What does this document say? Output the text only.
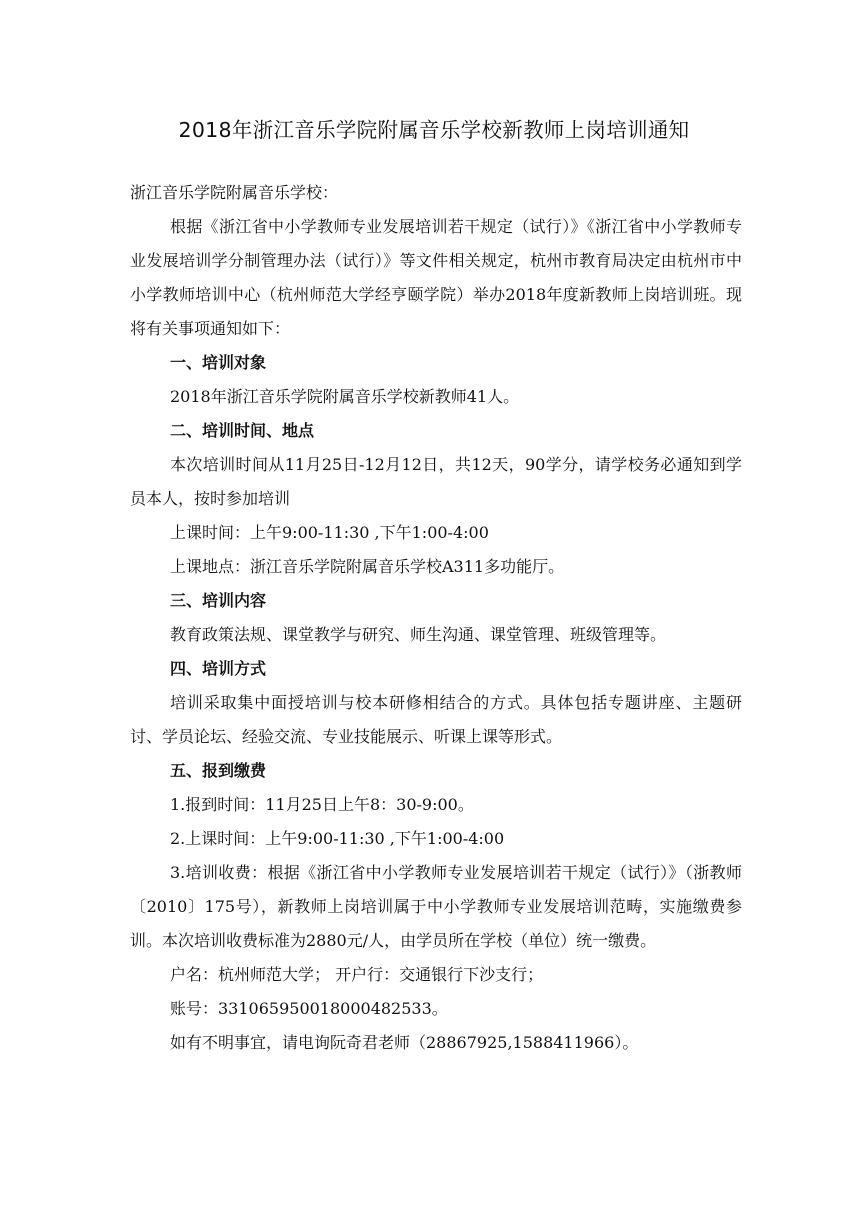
2018年浙江音乐学院附属音乐学校新教师上岗培训通知

浙江音乐学院附属音乐学校：

根据《浙江省中小学教师专业发展培训若干规定（试行）》《浙江省中小学教师专业发展培训学分制管理办法（试行）》等文件相关规定，杭州市教育局决定由杭州市中小学教师培训中心（杭州师范大学经亨颐学院）举办2018年度新教师上岗培训班。现将有关事项通知如下：

一、培训对象

2018年浙江音乐学院附属音乐学校新教师41人。

二、培训时间、地点

本次培训时间从11月25日-12月12日，共12天，90学分，请学校务必通知到学员本人，按时参加培训

上课时间：上午9:00-11:30 ,下午1:00-4:00

上课地点：浙江音乐学院附属音乐学校A311多功能厅。

三、培训内容

教育政策法规、课堂教学与研究、师生沟通、课堂管理、班级管理等。

四、培训方式

培训采取集中面授培训与校本研修相结合的方式。具体包括专题讲座、主题研讨、学员论坛、经验交流、专业技能展示、听课上课等形式。

五、报到缴费

1.报到时间：11月25日上午8：30-9:00。

2.上课时间：上午9:00-11:30 ,下午1:00-4:00

3.培训收费：根据《浙江省中小学教师专业发展培训若干规定（试行）》（浙教师〔2010〕175号），新教师上岗培训属于中小学教师专业发展培训范畴，实施缴费参训。本次培训收费标准为2880元/人，由学员所在学校（单位）统一缴费。

户名：杭州师范大学； 开户行：交通银行下沙支行；

账号：331065950018000482533。

如有不明事宜，请电询阮奇君老师（28867925,1588411966）。
